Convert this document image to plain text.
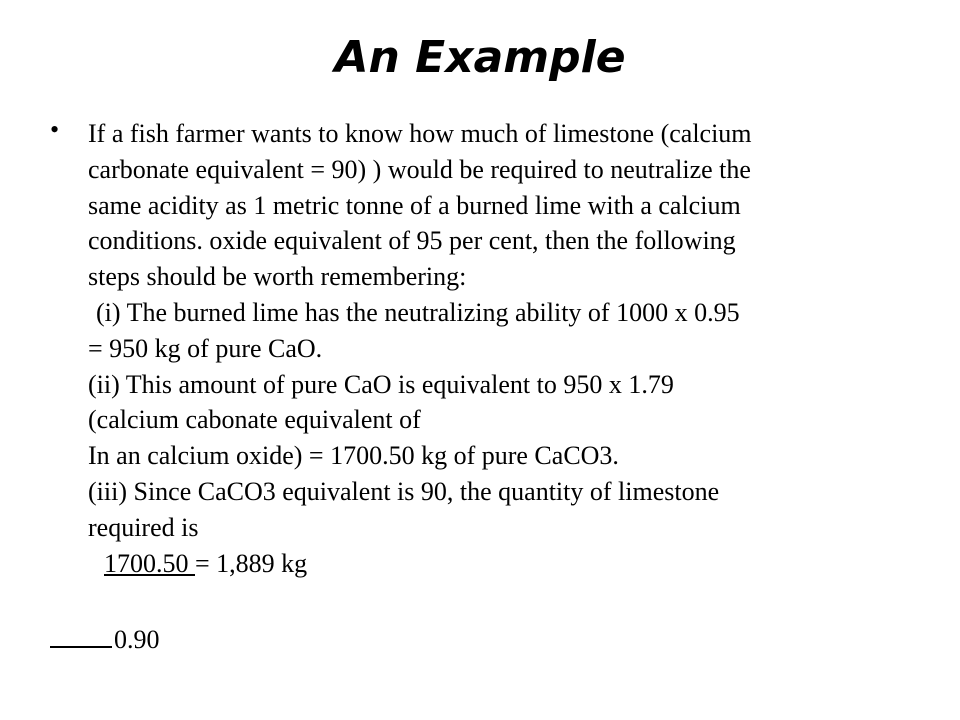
An Example
• If a fish farmer wants to know how much of limestone (calcium
carbonate equivalent = 90) ) would be required to neutralize the
same acidity as 1 metric tonne of a burned lime with a calcium
conditions. oxide equivalent of 95 per cent, then the following
steps should be worth remembering:
(i) The burned lime has the neutralizing ability of 1000 x 0.95
= 950 kg of pure CaO.
(ii) This amount of pure CaO is equivalent to 950 x 1.79
(calcium cabonate equivalent of
In an calcium oxide) = 1700.50 kg of pure CaCO3.
(iii) Since CaCO3 equivalent is 90, the quantity of limestone
required is
1700.50 = 1,889 kg
0.90
